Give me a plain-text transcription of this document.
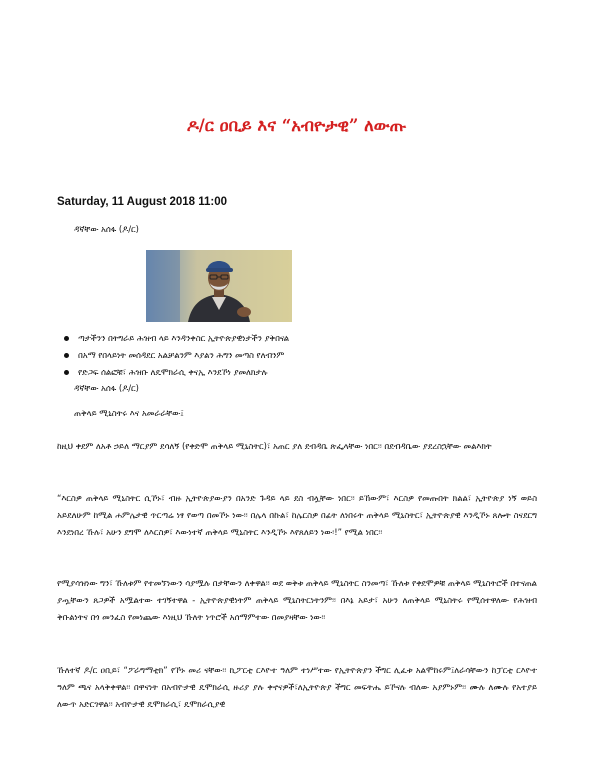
ዶ/ር ዐቢይ እና “አብዮታዊ” ለውጡ
Saturday, 11 August 2018 11:00
ዳኛቸው አሰፋ (ዶ/ር)
ጣታችንን በትግራይ ሕዝብ ላይ እንዳንቀስር ኢትዮጵያዊነታችን ያቅበናል
በአማ የበላይነት መሰዳደር አልቻልንም እያልን ሕግን መጣስ የለብንም
የድጋፍ ሰልፎቹ፣ ሕዝቡ ለዴሞክራሲ ቀናኢ እንደኾነ ያመለክታሉ
ዳኛቸው አሰፋ (ዶ/ር)
ጠቅላይ ሚኒስትሩ እና አመራራቸው፤

ከዚህ ቀደም ለአቶ ኃይለ ማርያም ደሳለኝ (የቀድሞ ጠቅላይ ሚኒስትር)፣ አጠር ያለ ደብዳቤ ጽፌላቸው ነበር፡፡ በደብዳቤው ያደረስኋቸው መልእክት

“እርስዎ ጠቅላይ ሚኒስትር ሲኾኑ፣ ብዙ ኢትዮጵያውያን በአንድ ጉዳይ ላይ ደስ ብሏቸው ነበር፡፡ ይኸውም፣ እርስዎ የመጡበት ክልል፣ ኢትዮጵያ ነኝ ወይስ አይደለሁም ከሚል ሐምሌታዊ ጥርጣሬ ነፃ የወጣ በመኾኑ ነው፡፡ በሌላ በኩል፣ ከሌርስዎ በፊት ለነበሩት ጠቅላይ ሚኒስትር፣ ኢትዮጵያዊ እንዲኾኑ ጸሎት ስናደርግ እንደነበረ ኹሉ፣ አሁን ደግሞ ለእርስዎ፣ እውነተኛ ጠቅላይ ሚኒስትር እንዲኾኑ እየጸለይን ነው፡!” የሚል ነበር፡፡

የሚያሳዝነው ግን፣ ኹለቱም የተመኘነውን ሳያሟሉ በታቸውን ለቀዋል፡፡ ወደ ወቅቱ ጠቅላይ ሚኒስትር ስንመጣ፣ ኹለቱ የቀደሞዎቹ ጠቅላይ ሚኒስትሮች በተናጠል ያጧቸውን ጸጋዎች አሟልተው ተገኝተዋል - ኢትዮጵያዊነትም ጠቅላይ ሚኒስትርነትንም፡፡ በእኔ አይታ፣ አሁን ለጠቅላይ ሚኒስትሩ የሚሰተዋለው የሕዝብ ቅቡልነትና በጎ መንፈስ የመነጨው እነዚህ ኹለት ነጥሮች አሰማምተው በመያዛቸው ነው፡፡

ኹለተኛ ዶ/ር ዐቢይ፣ “ፖራግማቲክ” የኾኑ መሪ ናቸው፡፡ ኪፖርቲ ርእዮተ ዓለም ተነሥተው የኢትዮጵያን ችግር ሊፈቱ አልሞከሩም፤ለራሳቸውን ከፓርቲ ርእዮተ ዓለም ጫና አላቅቀዋል፡፡ በዋናነት በአብዮታዊ ዴሞክራሲ ዙሪያ ያሉ ቀኖናዎች፣ለኢትዮጵያ ችግር መፍትሔ ይኾናሉ ብለው አያምኑም፡፡ ሙሉ ለሙሉ የአተያይ ለውጥ አድርገዋል፡፡ አብዮታዊ ዴሞክራሲ፣ ዴሞክራሲያዊ
